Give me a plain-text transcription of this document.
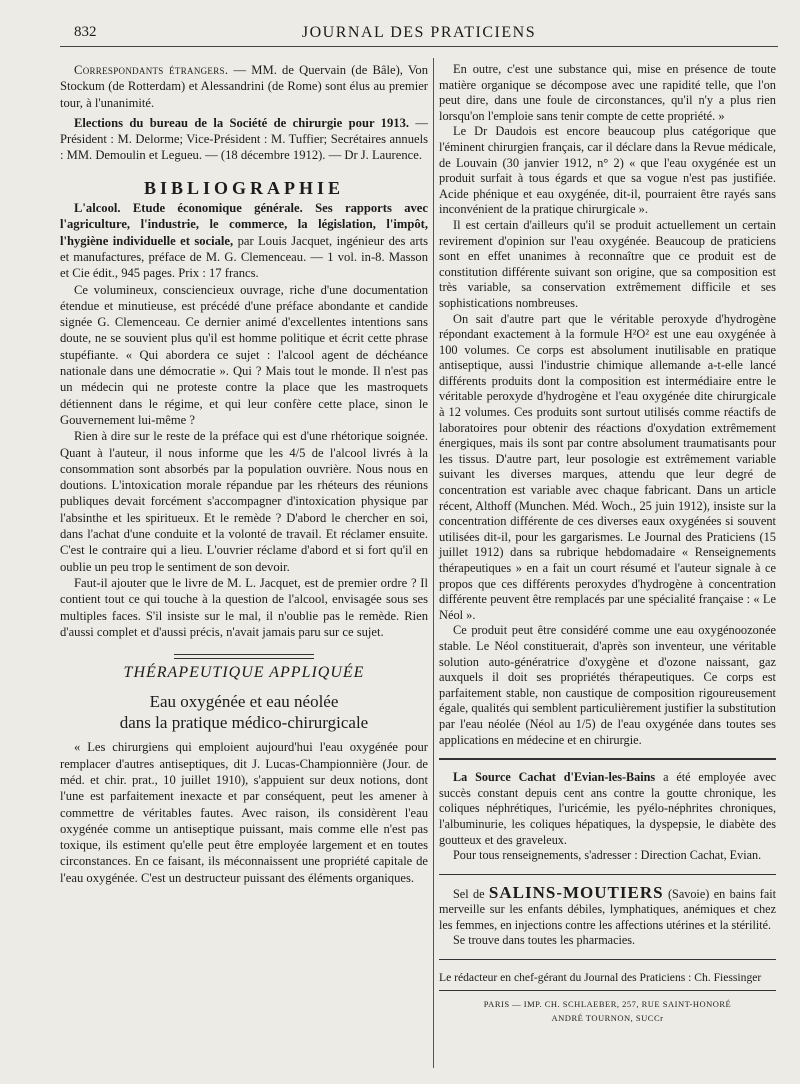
832	JOURNAL DES PRATICIENS

Correspondants étrangers. — MM. de Quervain (de Bâle), Von Stockum (de Rotterdam) et Alessandrini (de Rome) sont élus au premier tour, à l'unanimité.

Elections du bureau de la Société de chirurgie pour 1913. — Président : M. Delorme; Vice-Président : M. Tuffier; Secrétaires annuels : MM. Demoulin et Legueu. — (18 décembre 1912). — Dr J. Laurence.

BIBLIOGRAPHIE

L'alcool. Etude économique générale. Ses rapports avec l'agriculture, l'industrie, le commerce, la législation, l'impôt, l'hygiène individuelle et sociale, par Louis Jacquet, ingénieur des arts et manufactures, préface de M. G. Clemenceau. — 1 vol. in-8. Masson et Cie édit., 945 pages. Prix : 17 francs.

Ce volumineux, consciencieux ouvrage, riche d'une documentation étendue et minutieuse, est précédé d'une préface abondante et candide signée G. Clemenceau. Ce dernier animé d'excellentes intentions sans doute, ne se souvient plus qu'il est homme politique et écrit cette phrase stupéfiante. « Qui abordera ce sujet : l'alcool agent de déchéance nationale dans une démocratie ». Qui ? Mais tout le monde. Il n'est pas un médecin qui ne proteste contre la place que les mastroquets détiennent dans le régime, et qui leur confère cette place, sinon le Gouvernement lui-même ?

Rien à dire sur le reste de la préface qui est d'une rhétorique soignée. Quant à l'auteur, il nous informe que les 4/5 de l'alcool livrés à la consommation sont absorbés par la population ouvrière. Nous nous en doutions. L'intoxication morale répandue par les rhéteurs des réunions publiques devait forcément s'accompagner d'intoxication physique par l'absinthe et les spiritueux. Et le remède ? D'abord le chercher en soi, dans l'achat d'une conduite et la volonté de travail. Et réclamer ensuite. C'est le contraire qui a lieu. L'ouvrier réclame d'abord et si fort qu'il en oublie un peu trop le sentiment de son devoir.

Faut-il ajouter que le livre de M. L. Jacquet, est de premier ordre ? Il contient tout ce qui touche à la question de l'alcool, envisagée sous ses multiples faces. S'il insiste sur le mal, il n'oublie pas le remède. Rien d'aussi complet et d'aussi précis, n'avait jamais paru sur ce sujet.

THÉRAPEUTIQUE APPLIQUÉE
Eau oxygénée et eau néolée
dans la pratique médico-chirurgicale

« Les chirurgiens qui emploient aujourd'hui l'eau oxygénée pour remplacer d'autres antiseptiques, dit J. Lucas-Championnière (Jour. de méd. et chir. prat., 10 juillet 1910), s'appuient sur deux notions, dont l'une est parfaitement inexacte et par conséquent, peut les amener à commettre de véritables fautes. Avec raison, ils considèrent l'eau oxygénée comme un antiseptique puissant, mais comme elle n'est pas toxique, ils estiment qu'elle peut être employée largement et en toutes circonstances. En ce faisant, ils méconnaissent une propriété capitale de l'eau oxygénée. C'est un destructeur puissant des éléments organiques.

En outre, c'est une substance qui, mise en présence de toute matière organique se décompose avec une rapidité telle, que l'on peut dire, dans une foule de circonstances, qu'il n'y a plus rien lorsqu'on l'emploie sans tenir compte de cette propriété. »

Le Dr Daudois est encore beaucoup plus catégorique que l'éminent chirurgien français, car il déclare dans la Revue médicale, de Louvain (30 janvier 1912, n° 2) « que l'eau oxygénée est un produit surfait à tous égards et que sa vogue n'est pas justifiée. Acide phénique et eau oxygénée, dit-il, pourraient être rayés sans inconvénient de la pratique chirurgicale ».

Il est certain d'ailleurs qu'il se produit actuellement un certain revirement d'opinion sur l'eau oxygénée. Beaucoup de praticiens sont en effet unanimes à reconnaître que ce produit est de constitution différente suivant son origine, que sa composition est très variable, sa conservation extrêmement difficile et ses sophistications nombreuses.

On sait d'autre part que le véritable peroxyde d'hydrogène répondant exactement à la formule H²O² est une eau oxygénée à 100 volumes. Ce corps est absolument inutilisable en pratique antiseptique, aussi l'industrie chimique allemande a-t-elle lancé différents produits dont la composition est intermédiaire entre le véritable peroxyde d'hydrogène et l'eau oxygénée dite chirurgicale à 12 volumes. Ces produits sont surtout utilisés comme réactifs de laboratoires pour obtenir des réactions d'oxydation extrêmement énergiques, mais ils sont par contre absolument traumatisants pour les tissus. D'autre part, leur posologie est extrêmement variable suivant les diverses marques, attendu que leur degré de concentration est variable avec chaque fabricant. Dans un article récent, Althoff (Munchen. Méd. Woch., 25 juin 1912), insiste sur la concentration différente de ces diverses eaux oxygénées si souvent utilisées dit-il, pour les gargarismes. Le Journal des Praticiens (15 juillet 1912) dans sa rubrique hebdomadaire « Renseignements thérapeutiques » en a fait un court résumé et l'auteur signale à ce propos que ces différents peroxydes d'hydrogène à concentration différente peuvent être remplacés par une spécialité française : « Le Néol ».

Ce produit peut être considéré comme une eau oxygénoozonée stable. Le Néol constituerait, d'après son inventeur, une véritable solution auto-génératrice d'oxygène et d'ozone naissant, gaz auxquels il doit ses propriétés thérapeutiques. Ce corps est parfaitement stable, non caustique de composition rigoureusement égale, qualités qui semblent particulièrement justifier la substitution par l'eau néolée (Néol au 1/5) de l'eau oxygénée dans toutes ses applications en médecine et en chirurgie.

La Source Cachat d'Evian-les-Bains a été employée avec succès constant depuis cent ans contre la goutte chronique, les coliques néphrétiques, l'uricémie, les pyélo-néphrites chroniques, l'albuminurie, les coliques hépatiques, la dyspepsie, le diabète des goutteux et des graveleux.

Pour tous renseignements, s'adresser : Direction Cachat, Evian.

Sel de SALINS-MOUTIERS (Savoie) en bains fait merveille sur les enfants débiles, lymphatiques, anémiques et chez les femmes, en injections contre les affections utérines et la stérilité.

Se trouve dans toutes les pharmacies.

Le rédacteur en chef-gérant du Journal des Praticiens : Ch. Fiessinger

PARIS — IMP. CH. SCHLAEBER, 257, RUE SAINT-HONORÉ
ANDRÉ TOURNON, SUCCr
